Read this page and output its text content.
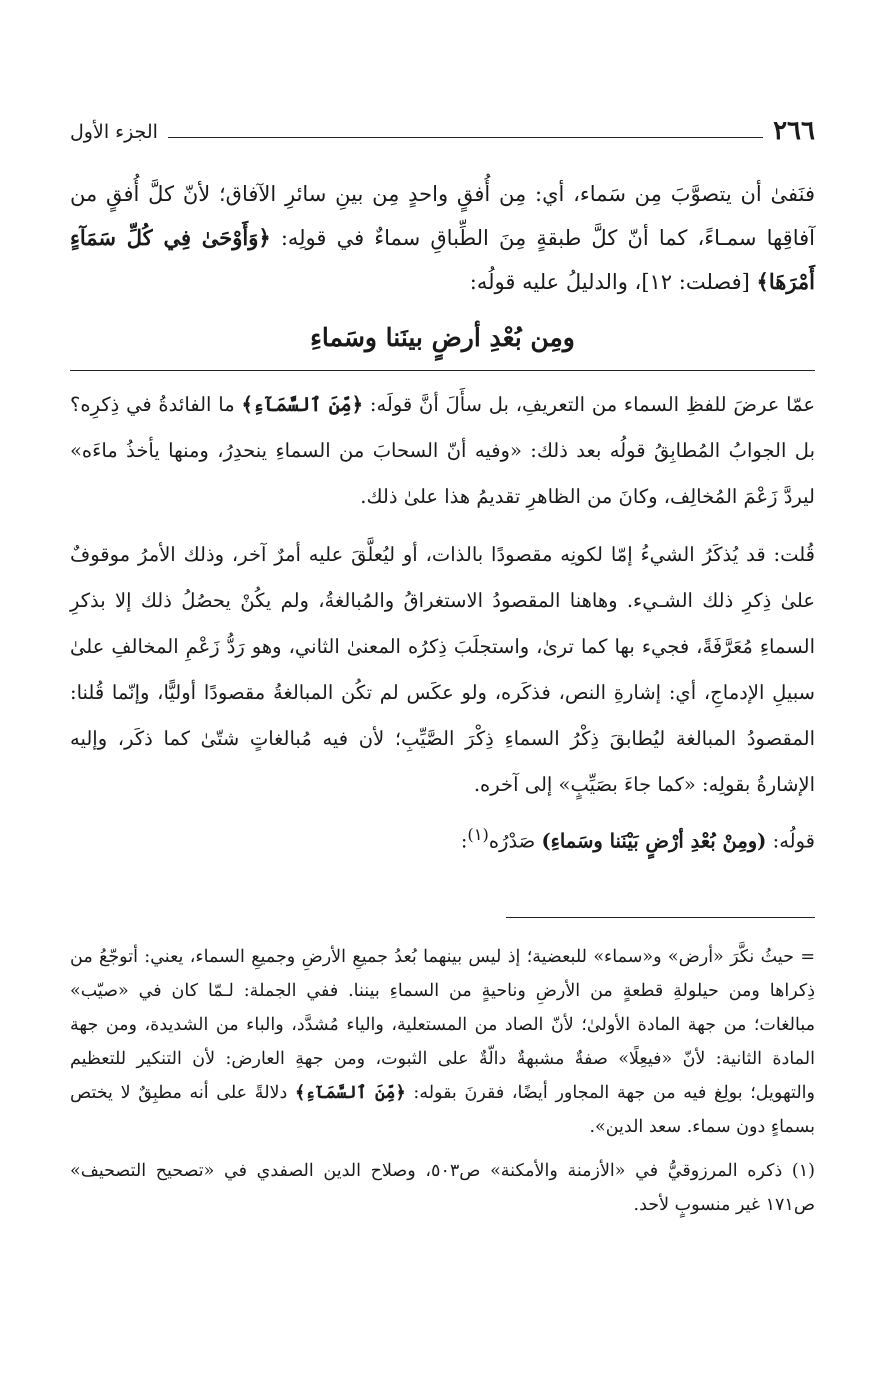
٢٦٦
الجزء الأول
فنَفىٰ أن يتصوَّبَ مِن سَماء، أي: مِن أُفقٍ واحدٍ مِن بينِ سائرِ الآفاق؛ لأنّ كلَّ أُفقٍ من آفاقِها سمـاءً، كما أنّ كلَّ طبقةٍ مِنَ الطِّباقِ سماءٌ في قولِه: ﴿وَأَوْحَىٰ فِي كُلِّ سَمَآءٍ أَمْرَهَا﴾ [فصلت: ١٢]، والدليلُ عليه قولُه:
ومِن بُعْدِ أرضٍ بينَنا وسَماءِ

عمّا عرضَ للفظِ السماء من التعريفِ، بل سأَلَ أنَّ قولَه: ﴿مِّنَ ٱلسَّمَآءِ﴾ ما الفائدةُ في ذِكرِه؟ بل الجوابُ المُطابِقُ قولُه بعد ذلك: «وفيه أنّ السحابَ من السماءِ ينحدِرُ، ومنها يأخذُ ماءَه» ليردَّ زَعْمَ المُخالِف، وكانَ من الظاهرِ تقديمُ هذا علىٰ ذلك.

قُلت: قد يُذكَرُ الشيءُ إمّا لكونِه مقصودًا بالذات، أو ليُعلَّقَ عليه أمرٌ آخر، وذلك الأمرُ موقوفٌ علىٰ ذِكرِ ذلك الشـيء. وهاهنا المقصودُ الاستغراقُ والمُبالغةُ، ولم يكُنْ يحصُلُ ذلك إلا بذكرِ السماءِ مُعَرَّفَةً، فجيء بها كما ترىٰ، واستجلَبَ ذِكرُه المعنىٰ الثاني، وهو رَدُّ زَعْمِ المخالفِ علىٰ سبيلِ الإدماجِ، أي: إشارةِ النص، فذكَره، ولو عكَس لم تكُن المبالغةُ مقصودًا أوليًّا، وإنّما قُلنا: المقصودُ المبالغة ليُطابقَ ذِكْرُ السماءِ ذِكْرَ الصَّيِّبِ؛ لأن فيه مُبالغاتٍ شتّىٰ كما ذكَر، وإليه الإشارةُ بقولِه: «كما جاءَ بصَيِّبٍ» إلى آخره.

قولُه: (ومِنْ بُعْدِ أرْضٍ بَيْنَنا وسَماءِ) صَدْرُه$^{(١)}$:

= حيثُ نكَّرَ «أرض» و«سماء» للبعضية؛ إذ ليس بينهما بُعدُ جميعِ الأرضِ وجميعِ السماء، يعني: أتوجّعُ من ذِكراها ومن حيلولةِ قطعةٍ من الأرضِ وناحيةٍ من السماءِ بيننا. ففي الجملة: لـمّا كان في «صيّب» مبالغات؛ من جهة المادة الأولىٰ؛ لأنّ الصاد من المستعلية، والياء مُشدَّد، والباء من الشديدة، ومن جهة المادة الثانية: لأنّ «فيعِلًا» صفةٌ مشبهةٌ دالّةٌ على الثبوت، ومن جهةِ العارض: لأن التنكير للتعظيم والتهويل؛ بولِغ فيه من جهة المجاور أيضًا، فقرنَ بقوله: ﴿مِّنَ ٱلسَّمَآءِ﴾ دلالةً على أنه مطبِقٌ لا يختص بسماءٍ دون سماء. سعد الدين».

(١) ذكره المرزوقيُّ في «الأزمنة والأمكنة» ص٥٠٣، وصلاح الدين الصفدي في «تصحيح التصحيف» ص١٧١ غير منسوبٍ لأحد.
